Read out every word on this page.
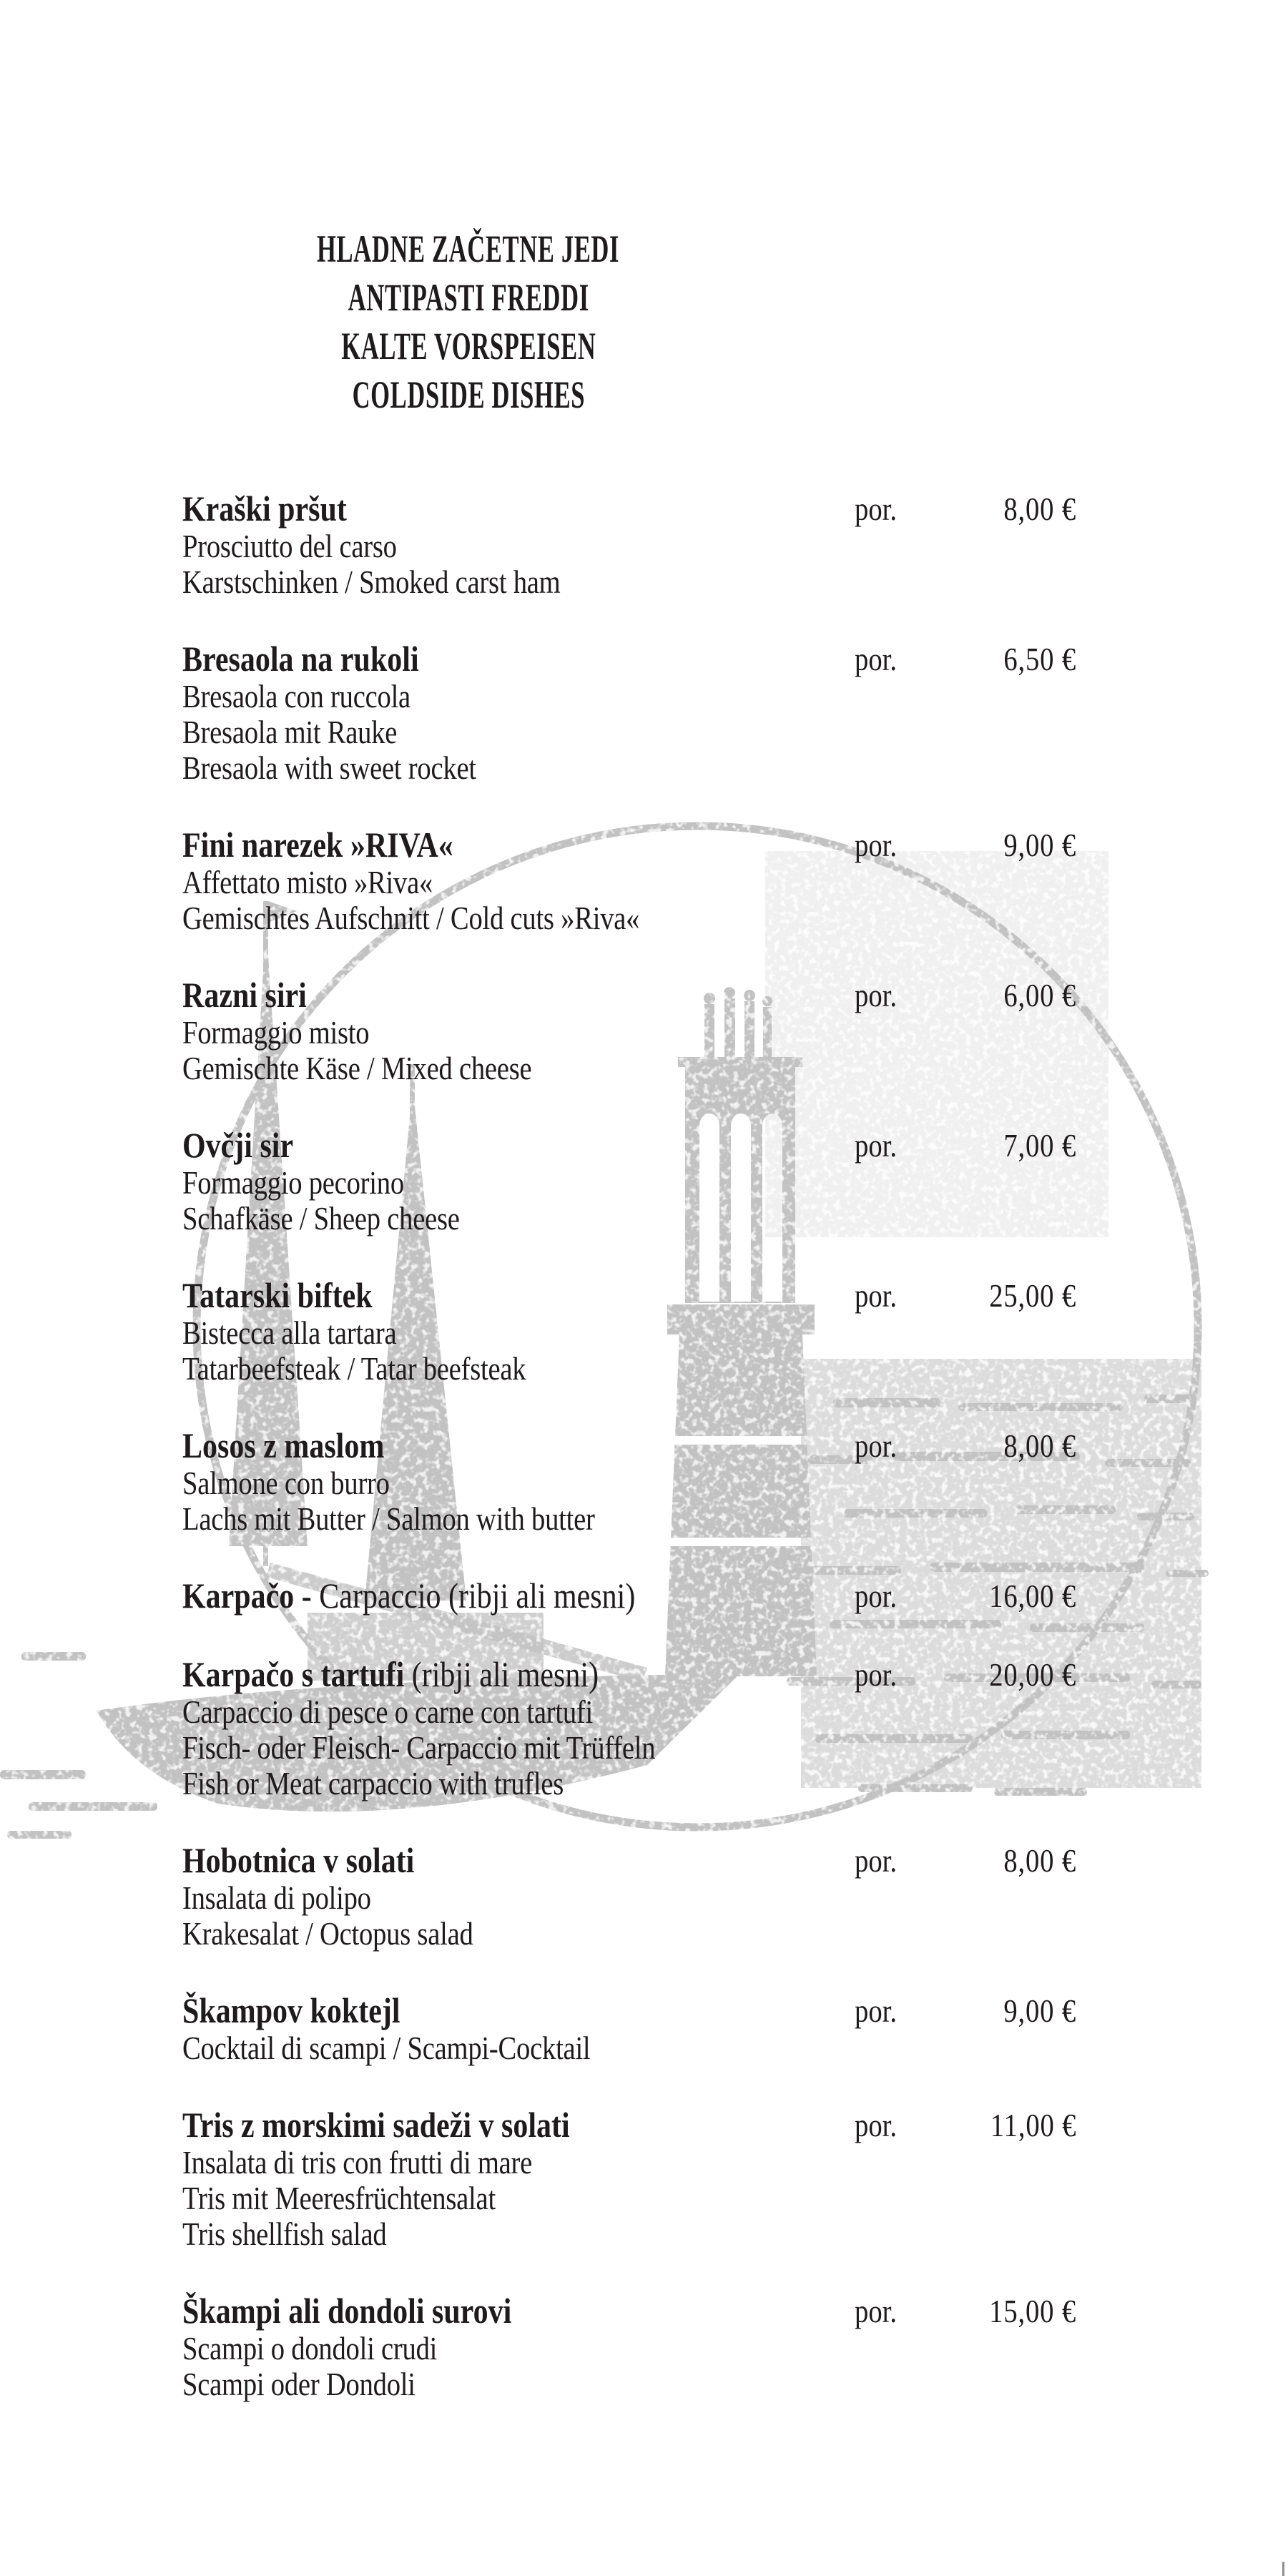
HLADNE ZAČETNE JEDI
ANTIPASTI FREDDI
KALTE VORSPEISEN
COLDSIDE DISHES
Kraški pršut	por.	8,00 €
Prosciutto del carso
Karstschinken / Smoked carst ham
Bresaola na rukoli	por.	6,50 €
Bresaola con ruccola
Bresaola mit Rauke
Bresaola with sweet rocket
Fini narezek »RIVA«	por.	9,00 €
Affettato misto »Riva«
Gemischtes Aufschnitt / Cold cuts »Riva«
Razni siri	por.	6,00 €
Formaggio misto
Gemischte Käse / Mixed cheese
Ovčji sir	por.	7,00 €
Formaggio pecorino
Schafkäse / Sheep cheese
Tatarski biftek	por.	25,00 €
Bistecca alla tartara
Tatarbeefsteak / Tatar beefsteak
Losos z maslom	por.	8,00 €
Salmone con burro
Lachs mit Butter / Salmon with butter
Karpačo - Carpaccio (ribji ali mesni)	por.	16,00 €
Karpačo s tartufi (ribji ali mesni)	por.	20,00 €
Carpaccio di pesce o carne con tartufi
Fisch- oder Fleisch- Carpaccio mit Trüffeln
Fish or Meat carpaccio with trufles
Hobotnica v solati	por.	8,00 €
Insalata di polipo
Krakesalat / Octopus salad
Škampov koktejl	por.	9,00 €
Cocktail di scampi / Scampi-Cocktail
Tris z morskimi sadeži v solati	por.	11,00 €
Insalata di tris con frutti di mare
Tris mit Meeresfrüchtensalat
Tris shellfish salad
Škampi ali dondoli surovi	por.	15,00 €
Scampi o dondoli crudi
Scampi oder Dondoli
